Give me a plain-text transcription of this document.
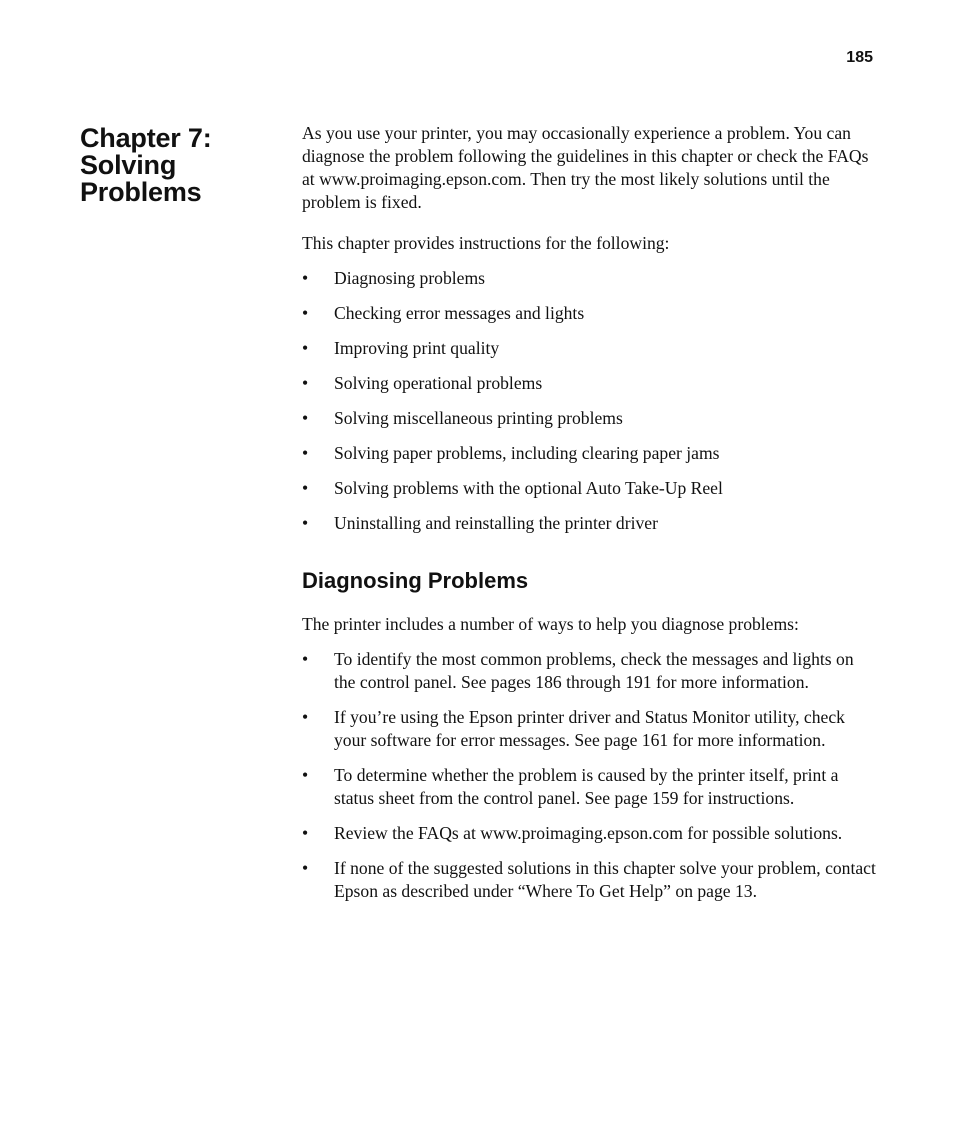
185
Chapter 7:
Solving
Problems

As you use your printer, you may occasionally experience a problem. You can diagnose the problem following the guidelines in this chapter or check the FAQs at www.proimaging.epson.com. Then try the most likely solutions until the problem is fixed.

This chapter provides instructions for the following:

•	Diagnosing problems
•	Checking error messages and lights
•	Improving print quality
•	Solving operational problems
•	Solving miscellaneous printing problems
•	Solving paper problems, including clearing paper jams
•	Solving problems with the optional Auto Take-Up Reel
•	Uninstalling and reinstalling the printer driver
Diagnosing Problems

The printer includes a number of ways to help you diagnose problems:

•	To identify the most common problems, check the messages and lights on the control panel. See pages 186 through 191 for more information.
•	If you’re using the Epson printer driver and Status Monitor utility, check your software for error messages. See page 161 for more information.
•	To determine whether the problem is caused by the printer itself, print a status sheet from the control panel. See page 159 for instructions.
•	Review the FAQs at www.proimaging.epson.com for possible solutions.
•	If none of the suggested solutions in this chapter solve your problem, contact Epson as described under “Where To Get Help” on page 13.
